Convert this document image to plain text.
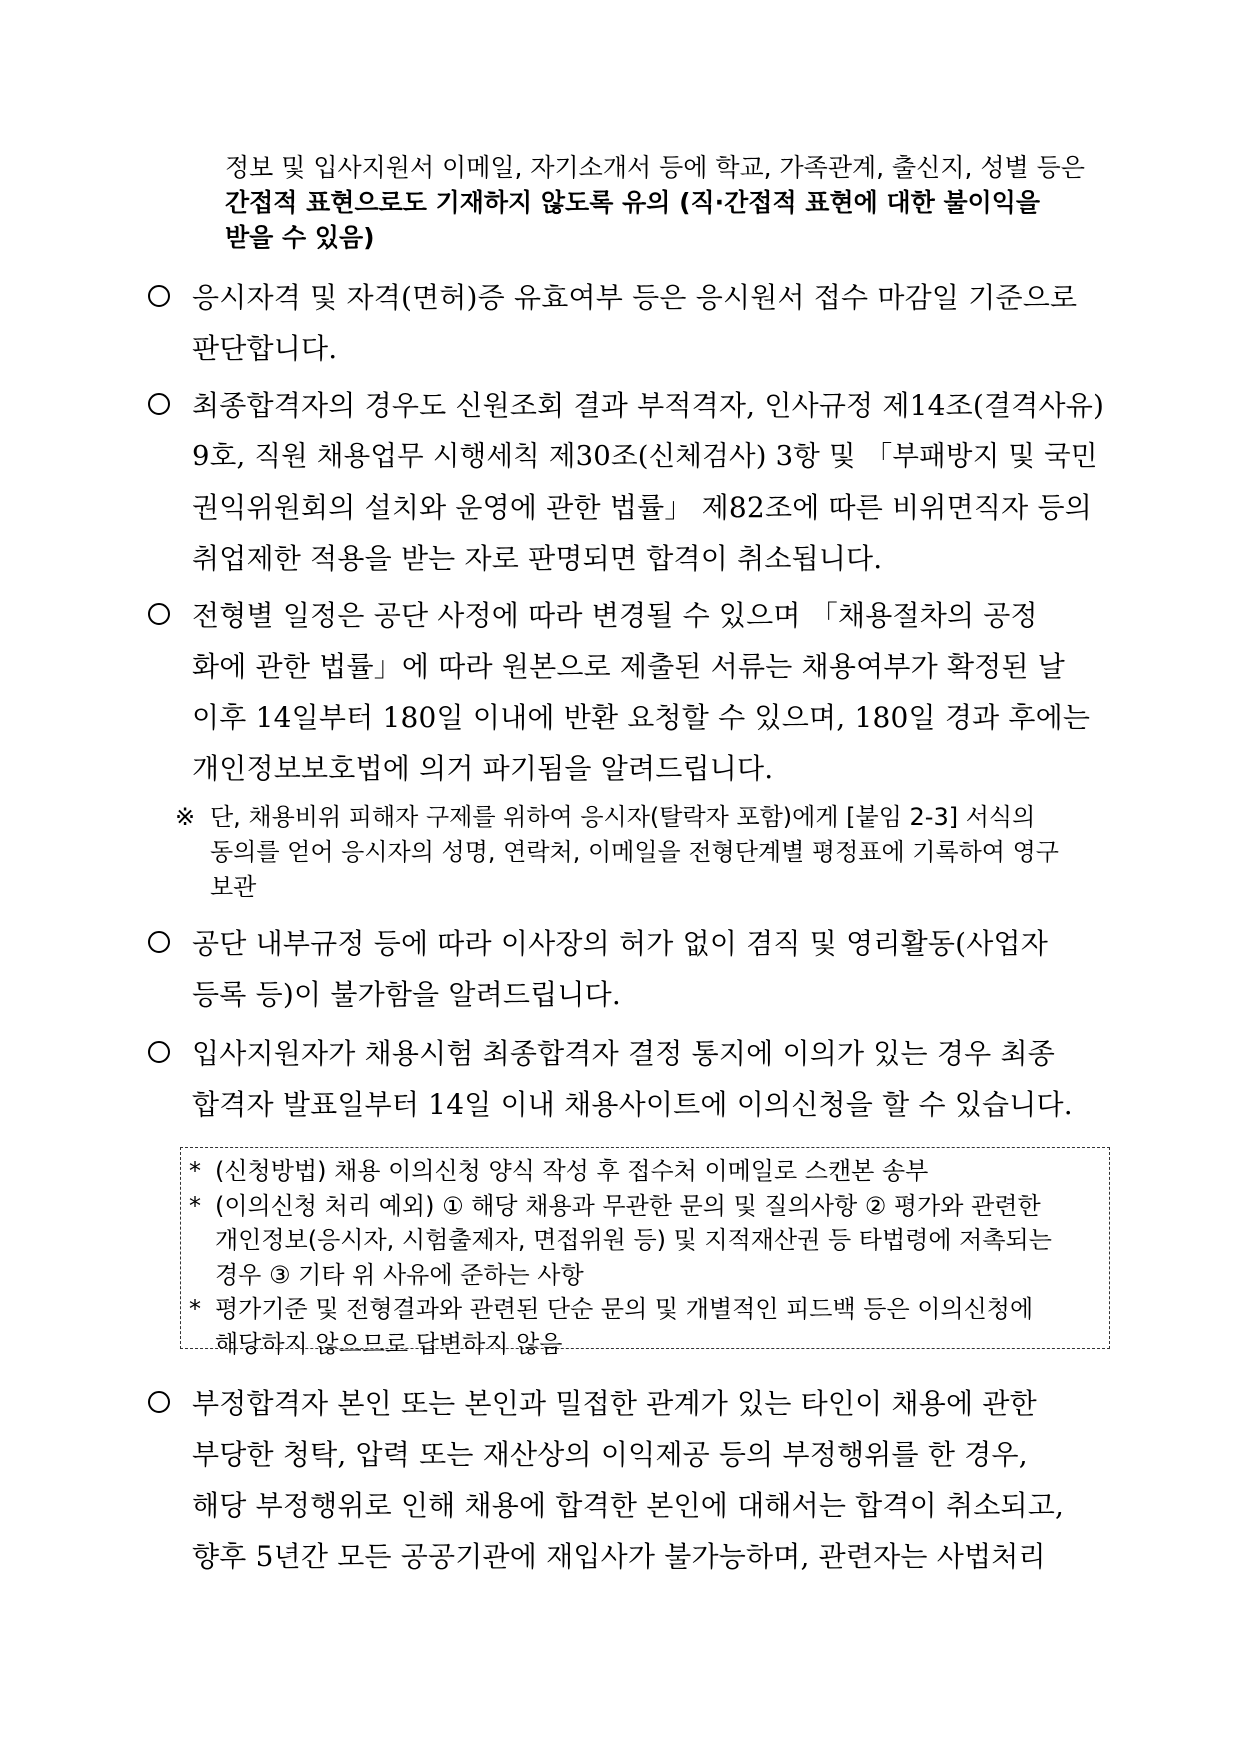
정보 및 입사지원서 이메일, 자기소개서 등에 학교, 가족관계, 출신지, 성별 등은
간접적 표현으로도 기재하지 않도록 유의 (직·간접적 표현에 대한 불이익을
받을 수 있음)
응시자격 및 자격(면허)증 유효여부 등은 응시원서 접수 마감일 기준으로
판단합니다.
최종합격자의 경우도 신원조회 결과 부적격자, 인사규정 제14조(결격사유)
9호, 직원 채용업무 시행세칙 제30조(신체검사) 3항 및 「부패방지 및 국민
권익위원회의 설치와 운영에 관한 법률」 제82조에 따른 비위면직자 등의
취업제한 적용을 받는 자로 판명되면 합격이 취소됩니다.
전형별 일정은 공단 사정에 따라 변경될 수 있으며 「채용절차의 공정
화에 관한 법률」에 따라 원본으로 제출된 서류는 채용여부가 확정된 날
이후 14일부터 180일 이내에 반환 요청할 수 있으며, 180일 경과 후에는
개인정보보호법에 의거 파기됨을 알려드립니다.
※ 단, 채용비위 피해자 구제를 위하여 응시자(탈락자 포함)에게 [붙임 2-3] 서식의
동의를 얻어 응시자의 성명, 연락처, 이메일을 전형단계별 평정표에 기록하여 영구
보관
공단 내부규정 등에 따라 이사장의 허가 없이 겸직 및 영리활동(사업자
등록 등)이 불가함을 알려드립니다.
입사지원자가 채용시험 최종합격자 결정 통지에 이의가 있는 경우 최종
합격자 발표일부터 14일 이내 채용사이트에 이의신청을 할 수 있습니다.
* (신청방법) 채용 이의신청 양식 작성 후 접수처 이메일로 스캔본 송부
* (이의신청 처리 예외) ① 해당 채용과 무관한 문의 및 질의사항 ② 평가와 관련한
개인정보(응시자, 시험출제자, 면접위원 등) 및 지적재산권 등 타법령에 저촉되는
경우 ③ 기타 위 사유에 준하는 사항
* 평가기준 및 전형결과와 관련된 단순 문의 및 개별적인 피드백 등은 이의신청에
해당하지 않으므로 답변하지 않음
부정합격자 본인 또는 본인과 밀접한 관계가 있는 타인이 채용에 관한
부당한 청탁, 압력 또는 재산상의 이익제공 등의 부정행위를 한 경우,
해당 부정행위로 인해 채용에 합격한 본인에 대해서는 합격이 취소되고,
향후 5년간 모든 공공기관에 재입사가 불가능하며, 관련자는 사법처리
